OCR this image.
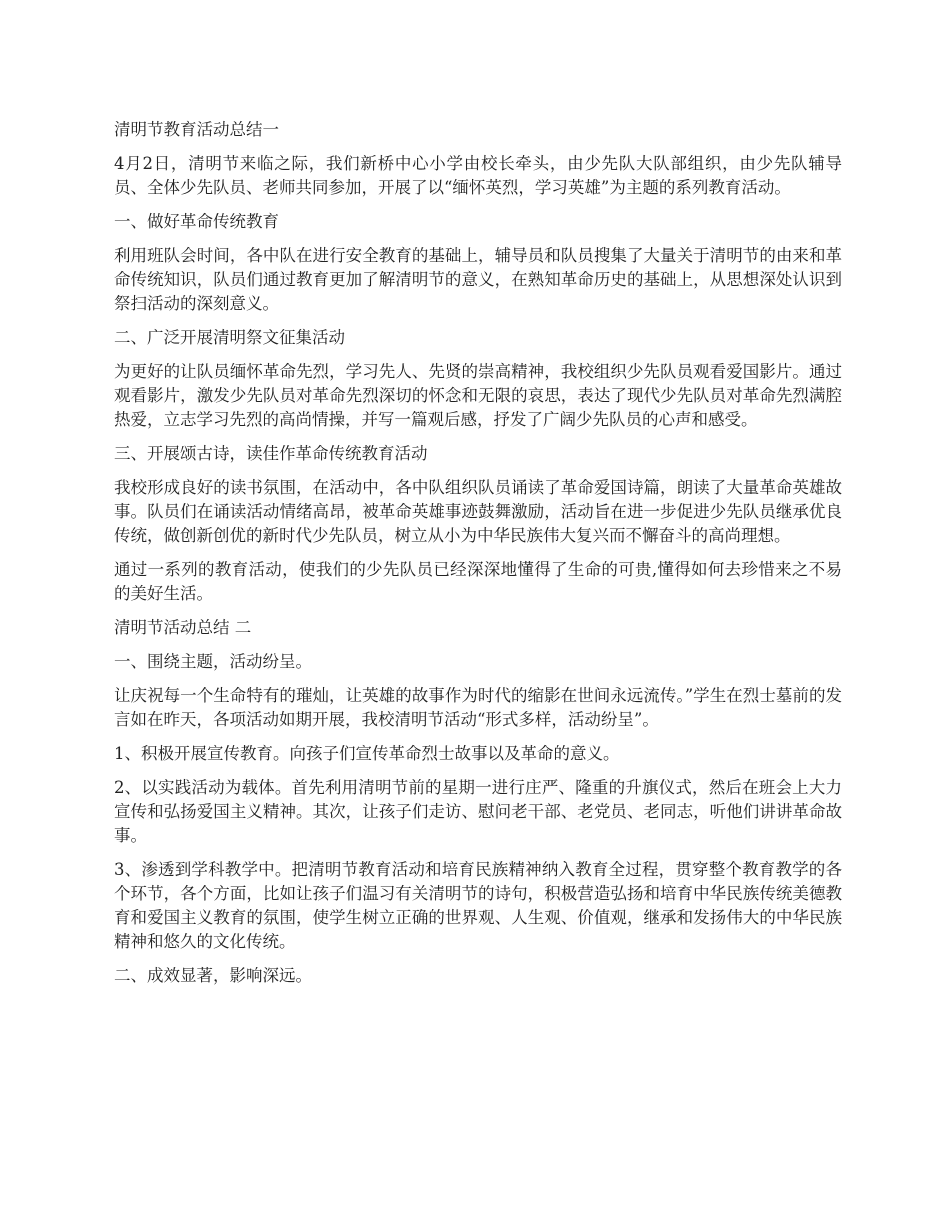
清明节教育活动总结一

4月2日，清明节来临之际，我们新桥中心小学由校长牵头，由少先队大队部组织，由少先队辅导员、全体少先队员、老师共同参加，开展了以“缅怀英烈，学习英雄”为主题的系列教育活动。

一、做好革命传统教育

利用班队会时间，各中队在进行安全教育的基础上，辅导员和队员搜集了大量关于清明节的由来和革命传统知识，队员们通过教育更加了解清明节的意义，在熟知革命历史的基础上，从思想深处认识到祭扫活动的深刻意义。

二、广泛开展清明祭文征集活动

为更好的让队员缅怀革命先烈，学习先人、先贤的崇高精神，我校组织少先队员观看爱国影片。通过观看影片，激发少先队员对革命先烈深切的怀念和无限的哀思，表达了现代少先队员对革命先烈满腔热爱，立志学习先烈的高尚情操，并写一篇观后感，抒发了广阔少先队员的心声和感受。

三、开展颂古诗，读佳作革命传统教育活动

我校形成良好的读书氛围，在活动中，各中队组织队员诵读了革命爱国诗篇，朗读了大量革命英雄故事。队员们在诵读活动情绪高昂，被革命英雄事迹鼓舞激励，活动旨在进一步促进少先队员继承优良传统，做创新创优的新时代少先队员，树立从小为中华民族伟大复兴而不懈奋斗的高尚理想。

通过一系列的教育活动，使我们的少先队员已经深深地懂得了生命的可贵,懂得如何去珍惜来之不易的美好生活。

清明节活动总结 二

一、围绕主题，活动纷呈。

让庆祝每一个生命特有的璀灿，让英雄的故事作为时代的缩影在世间永远流传。”学生在烈士墓前的发言如在昨天，各项活动如期开展，我校清明节活动“形式多样，活动纷呈”。

1、积极开展宣传教育。向孩子们宣传革命烈士故事以及革命的意义。

2、以实践活动为载体。首先利用清明节前的星期一进行庄严、隆重的升旗仪式，然后在班会上大力宣传和弘扬爱国主义精神。其次，让孩子们走访、慰问老干部、老党员、老同志，听他们讲讲革命故事。

3、渗透到学科教学中。把清明节教育活动和培育民族精神纳入教育全过程，贯穿整个教育教学的各个环节，各个方面，比如让孩子们温习有关清明节的诗句，积极营造弘扬和培育中华民族传统美德教育和爱国主义教育的氛围，使学生树立正确的世界观、人生观、价值观，继承和发扬伟大的中华民族精神和悠久的文化传统。

二、成效显著，影响深远。
